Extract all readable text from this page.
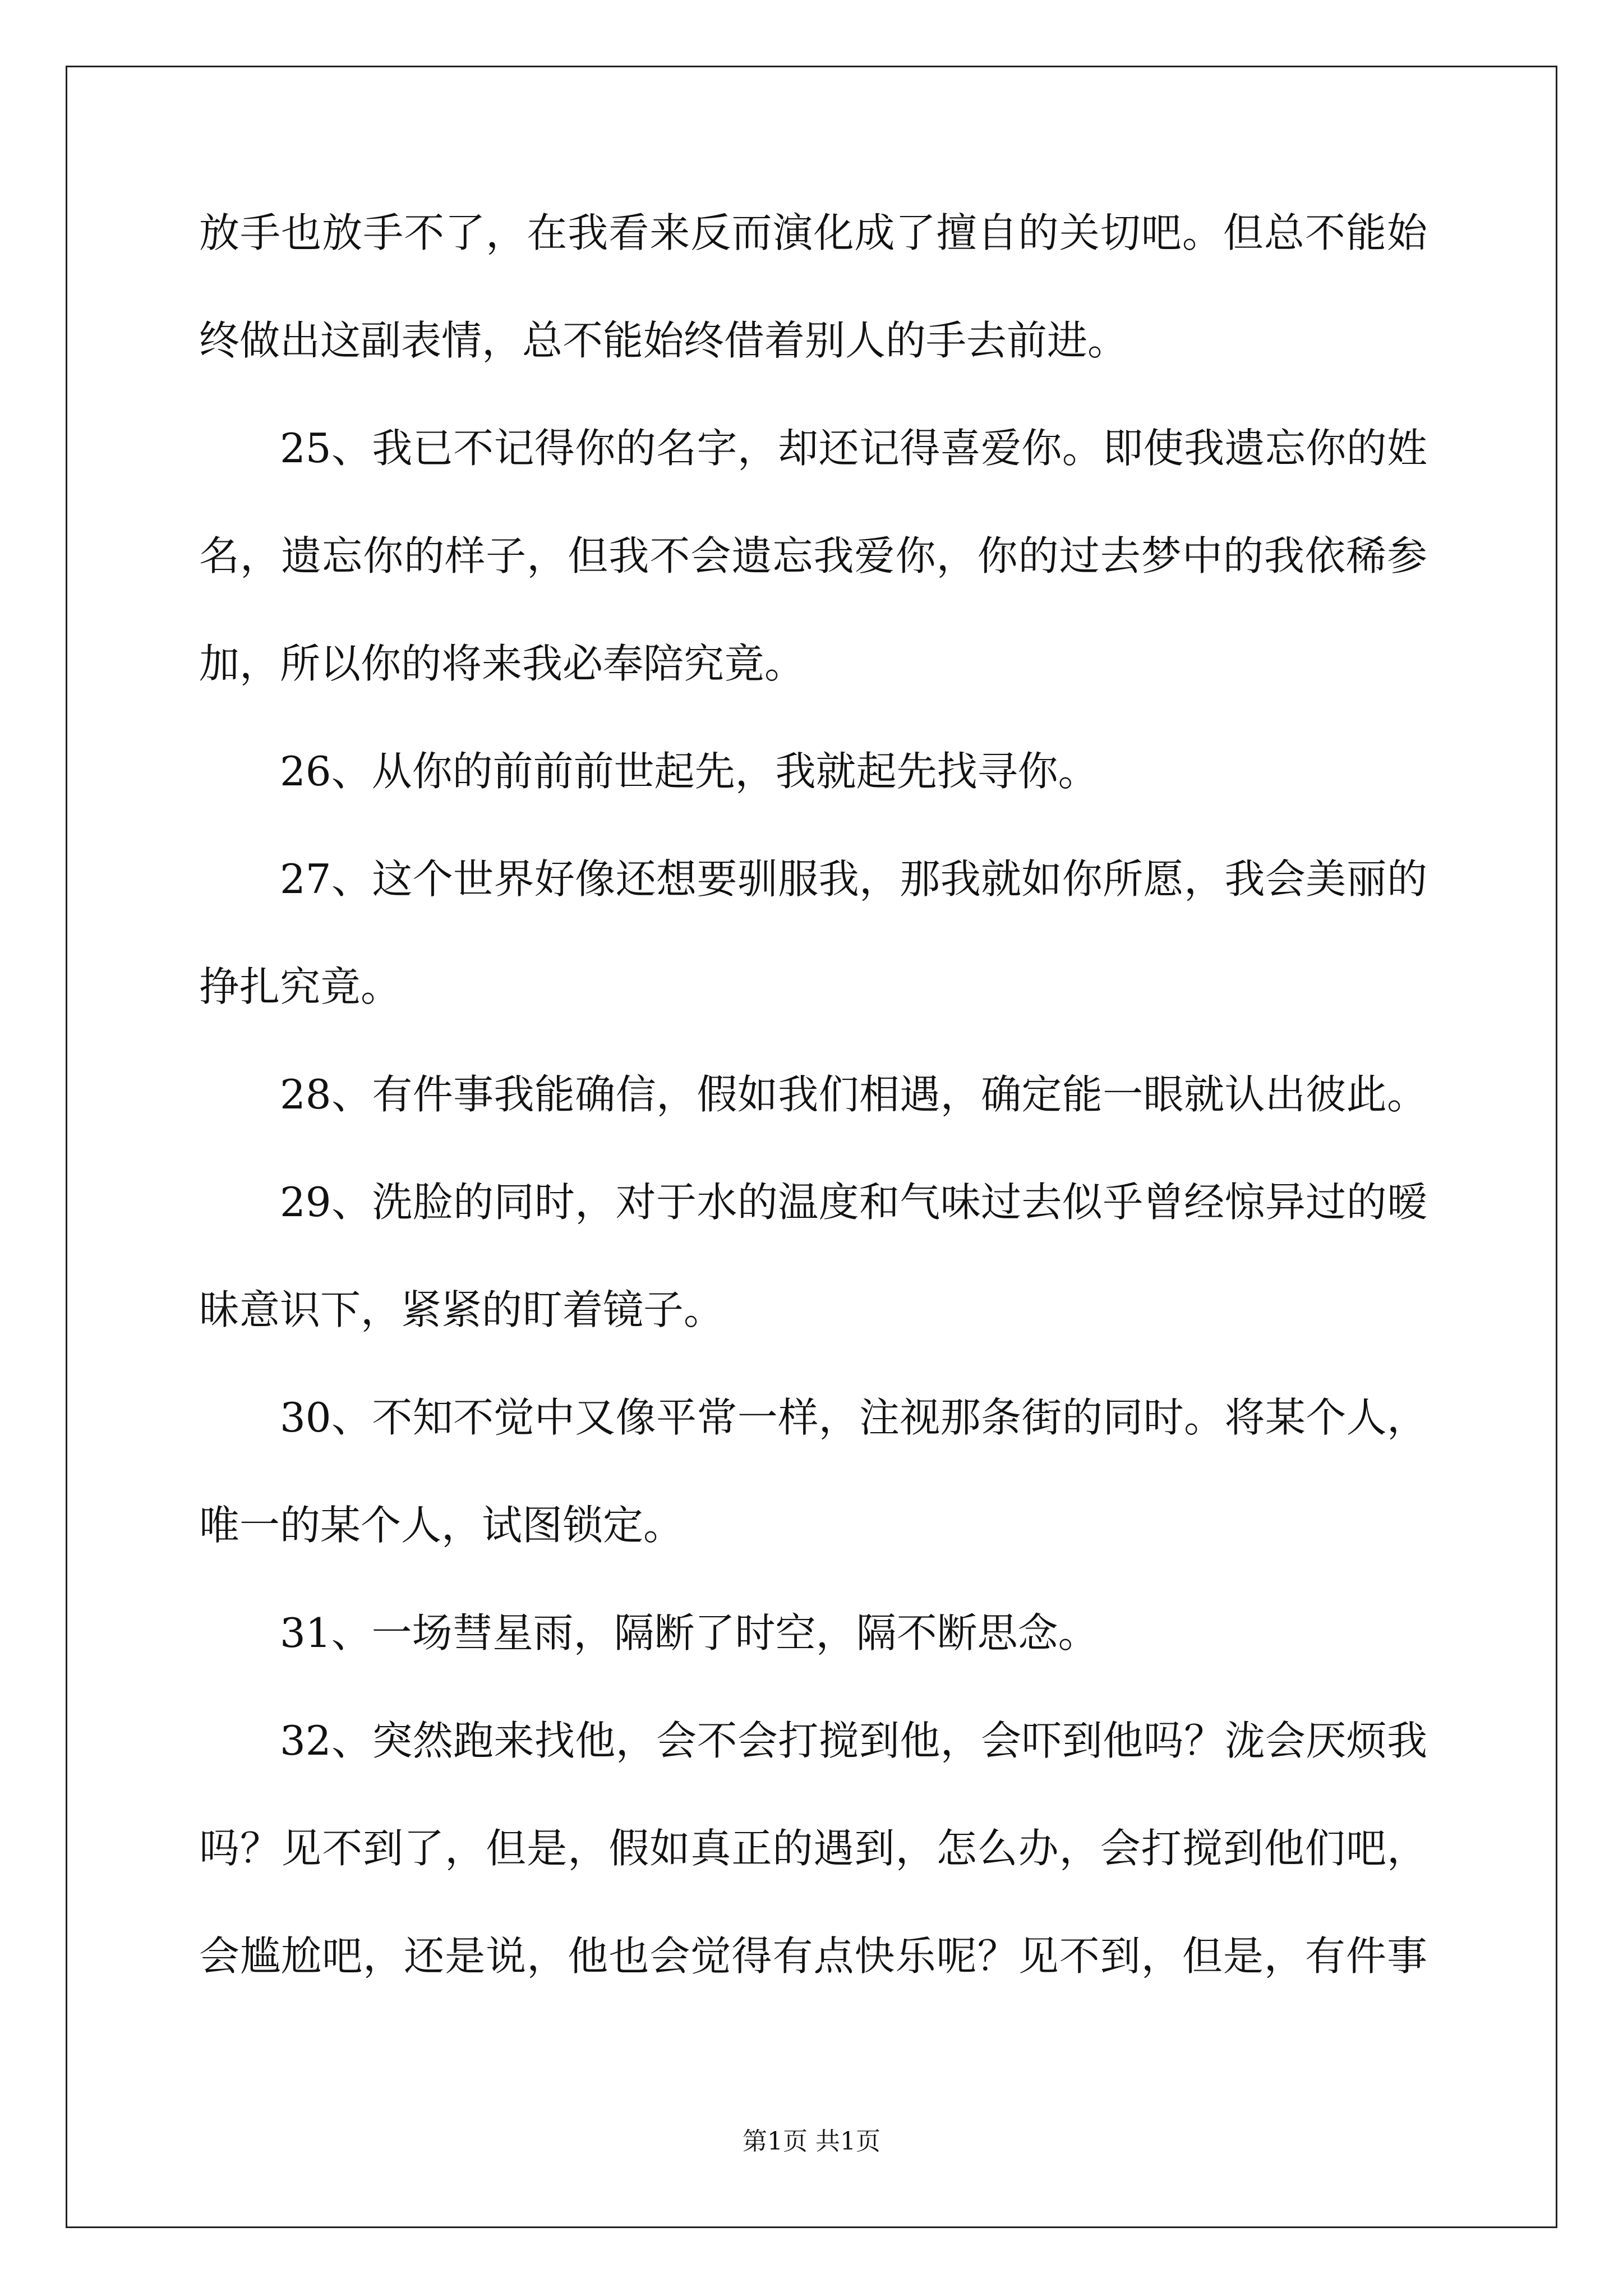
放手也放手不了，在我看来反而演化成了擅自的关切吧。但总不能始
终做出这副表情，总不能始终借着别人的手去前进。
25、我已不记得你的名字，却还记得喜爱你。即使我遗忘你的姓
名，遗忘你的样子，但我不会遗忘我爱你，你的过去梦中的我依稀参
加，所以你的将来我必奉陪究竟。
26、从你的前前前世起先，我就起先找寻你。
27、这个世界好像还想要驯服我，那我就如你所愿，我会美丽的
挣扎究竟。
28、有件事我能确信，假如我们相遇，确定能一眼就认出彼此。
29、洗脸的同时，对于水的温度和气味过去似乎曾经惊异过的暧
昧意识下，紧紧的盯着镜子。
30、不知不觉中又像平常一样，注视那条街的同时。将某个人，
唯一的某个人，试图锁定。
31、一场彗星雨，隔断了时空，隔不断思念。
32、突然跑来找他，会不会打搅到他，会吓到他吗？泷会厌烦我
吗？见不到了，但是，假如真正的遇到，怎么办，会打搅到他们吧，
会尴尬吧，还是说，他也会觉得有点快乐呢？见不到，但是，有件事
第1页 共1页
